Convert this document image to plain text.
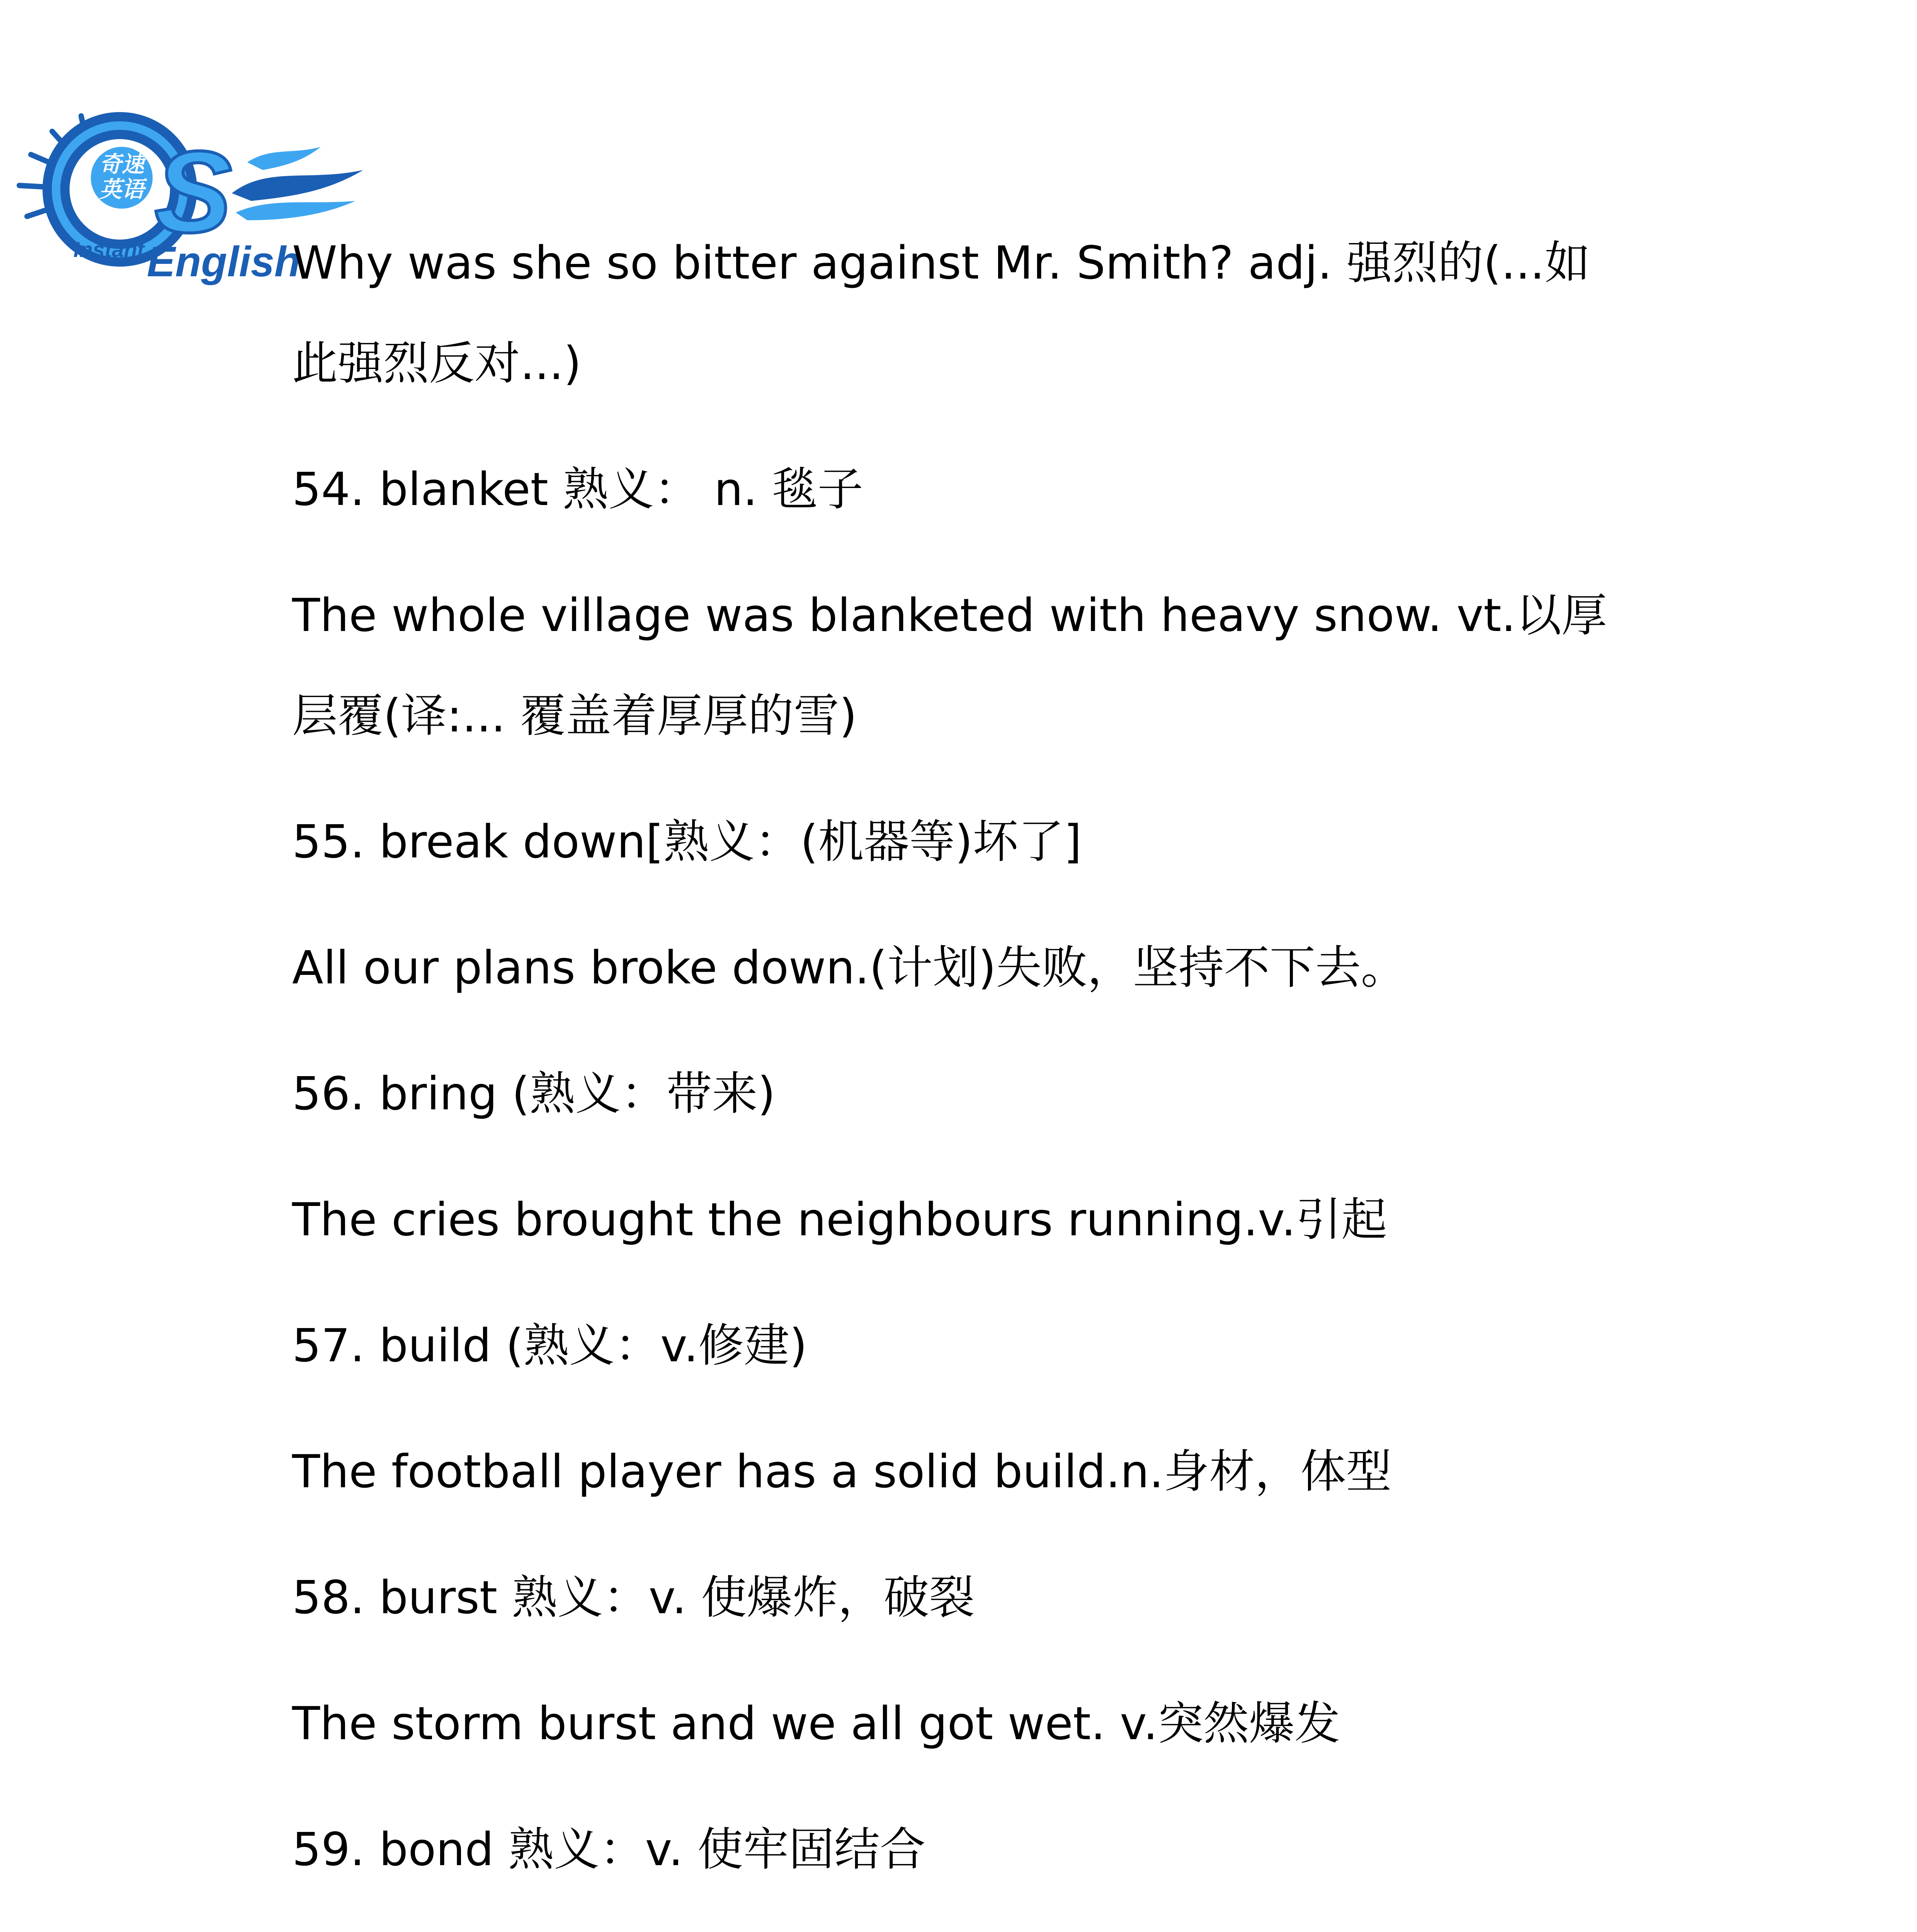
奇速
英语 S
Instant English
Why was she so bitter against Mr. Smith? adj. 强烈的(...如
此强烈反对...)
54. blanket 熟义： n. 毯子
The whole village was blanketed with heavy snow. vt.以厚
层覆(译:... 覆盖着厚厚的雪)
55. break down[熟义：(机器等)坏了]
All our plans broke down.(计划)失败，坚持不下去。
56. bring (熟义：带来)
The cries brought the neighbours running.v.引起
57. build (熟义：v.修建)
The football player has a solid build.n.身材，体型
58. burst 熟义：v. 使爆炸，破裂
The storm burst and we all got wet. v.突然爆发
59. bond 熟义：v. 使牢固结合
